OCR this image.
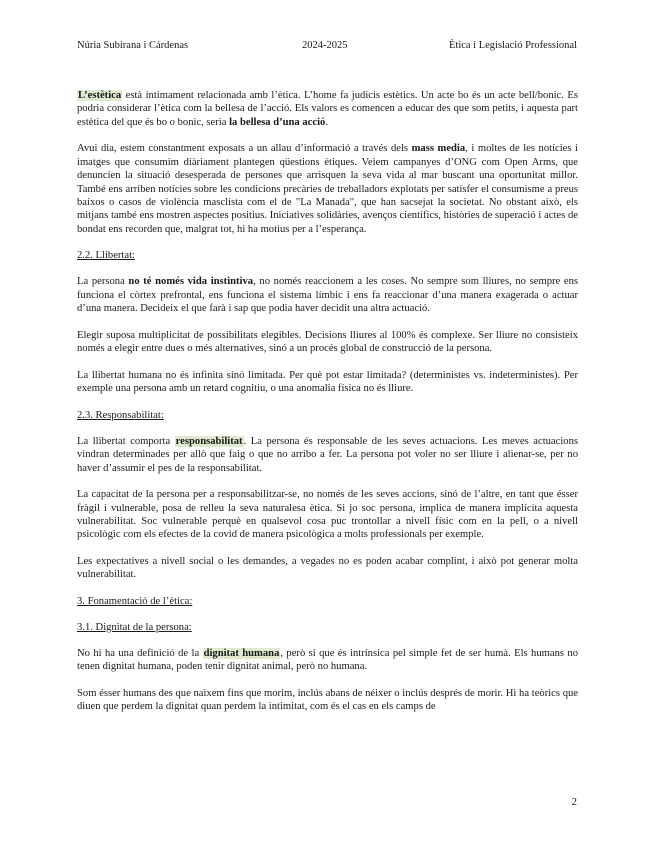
Núria Subirana i Cárdenas	2024-2025	Ètica i Legislació Professional

L’estètica està íntimament relacionada amb l’ètica. L’home fa judicis estètics. Un acte bo és un acte bell/bonic. Es podria considerar l’ètica com la bellesa de l’acció. Els valors es comencen a educar des que som petits, i aquesta part estètica del que és bo o bonic, seria la bellesa d’una acció.

Avui dia, estem constantment exposats a un allau d’informació a través dels mass media, i moltes de les notícies i imatges que consumim diàriament plantegen qüestions ètiques. Veiem campanyes d’ONG com Open Arms, que denuncien la situació desesperada de persones que arrisquen la seva vida al mar buscant una oportunitat millor. També ens arriben notícies sobre les condicions precàries de treballadors explotats per satisfer el consumisme a preus baixos o casos de violència masclista com el de "La Manada", que han sacsejat la societat. No obstant això, els mitjans també ens mostren aspectes positius. Iniciatives solidàries, avenços científics, històries de superació i actes de bondat ens recorden que, malgrat tot, hi ha motius per a l’esperança.

2.2. Llibertat:

La persona no té només vida instintiva, no només reaccionem a les coses. No sempre som lliures, no sempre ens funciona el còrtex prefrontal, ens funciona el sistema límbic i ens fa reaccionar d’una manera exagerada o actuar d’una manera. Decideix el que farà i sap que podia haver decidit una altra actuació.

Elegir suposa multiplicitat de possibilitats elegibles. Decisions lliures al 100% és complexe. Ser lliure no consisteix només a elegir entre dues o més alternatives, sinó a un procés global de construcció de la persona.

La llibertat humana no és infinita sinó limitada. Per què pot estar limitada? (deterministes vs. indeterministes). Per exemple una persona amb un retard cognitiu, o una anomalia física no és lliure.

2.3. Responsabilitat:

La llibertat comporta responsabilitat. La persona és responsable de les seves actuacions. Les meves actuacions vindran determinades per allò que faig o que no arribo a fer. La persona pot voler no ser lliure i alienar-se, per no haver d’assumir el pes de la responsabilitat.

La capacitat de la persona per a responsabilitzar-se, no només de les seves accions, sinó de l’altre, en tant que ésser fràgil i vulnerable, posa de relleu la seva naturalesa ètica. Si jo soc persona, implica de manera implícita aquesta vulnerabilitat. Soc vulnerable perquè en qualsevol cosa puc trontollar a nivell físic com en la pell, o a nivell psicològic com els efectes de la covid de manera psicològica a molts professionals per exemple.

Les expectatives a nivell social o les demandes, a vegades no es poden acabar complint, i això pot generar molta vulnerabilitat.

3. Fonamentació de l’ètica:

3.1. Dignitat de la persona:

No hi ha una definició de la dignitat humana, però sí que és intrínsica pel simple fet de ser humà. Els humans no tenen dignitat humana, poden tenir dignitat animal, però no humana.

Som ésser humans des que naixem fins que morim, inclús abans de néixer o inclús després de morir. Hi ha teòrics que diuen que perdem la dignitat quan perdem la intimitat, com és el cas en els camps de

2
